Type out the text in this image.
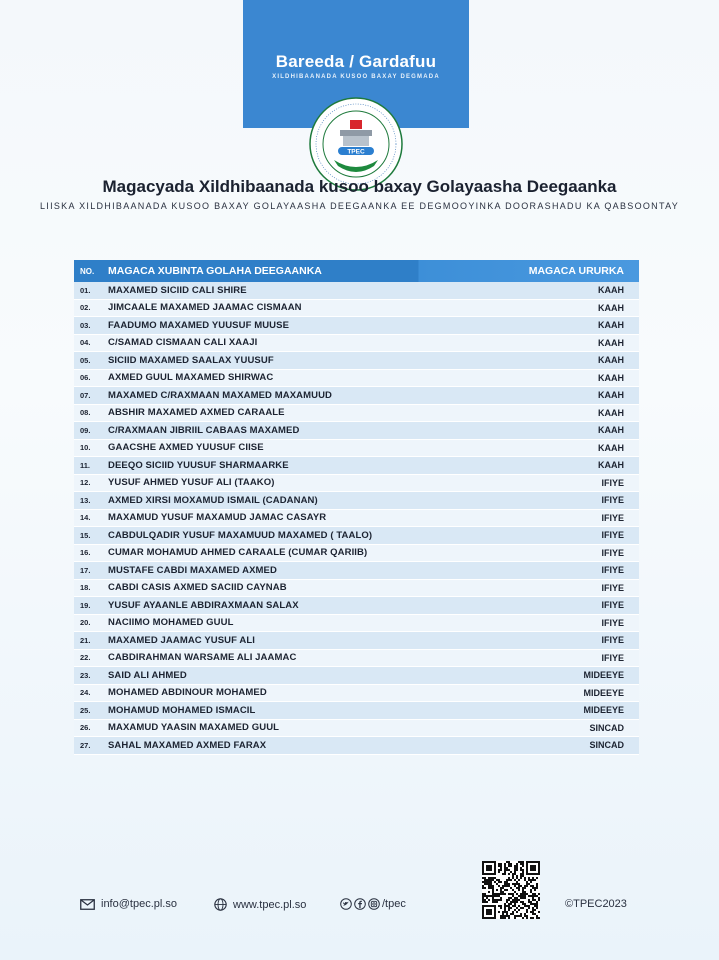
Bareeda / Gardafuu
XILDHIBAANADA KUSOO BAXAY DEGMADA
TPEC
Magacyada Xildhibaanada kusoo baxay Golayaasha Deegaanka
LIISKA XILDHIBAANADA KUSOO BAXAY GOLAYAASHA DEEGAANKA EE DEGMOOYINKA DOORASHADU KA QABSOONTAY
NO.	MAGACA XUBINTA GOLAHA DEEGAANKA	MAGACA URURKA
01.	MAXAMED SICIID CALI SHIRE	KAAH
02.	JIMCAALE MAXAMED JAAMAC CISMAAN	KAAH
03.	FAADUMO MAXAMED YUUSUF MUUSE	KAAH
04.	C/SAMAD CISMAAN CALI XAAJI	KAAH
05.	SICIID MAXAMED SAALAX YUUSUF	KAAH
06.	AXMED GUUL MAXAMED SHIRWAC	KAAH
07.	MAXAMED C/RAXMAAN MAXAMED MAXAMUUD	KAAH
08.	ABSHIR MAXAMED AXMED CARAALE	KAAH
09.	C/RAXMAAN JIBRIIL CABAAS MAXAMED	KAAH
10.	GAACSHE AXMED YUUSUF CIISE	KAAH
11.	DEEQO SICIID YUUSUF SHARMAARKE	KAAH
12.	YUSUF AHMED YUSUF ALI (TAAKO)	IFIYE
13.	AXMED XIRSI MOXAMUD ISMAIL (CADANAN)	IFIYE
14.	MAXAMUD YUSUF MAXAMUD JAMAC CASAYR	IFIYE
15.	CABDULQADIR YUSUF MAXAMUUD MAXAMED ( TAALO)	IFIYE
16.	CUMAR MOHAMUD AHMED CARAALE (CUMAR QARIIB)	IFIYE
17.	MUSTAFE CABDI MAXAMED AXMED	IFIYE
18.	CABDI CASIS AXMED SACIID CAYNAB	IFIYE
19.	YUSUF AYAANLE ABDIRAXMAAN SALAX	IFIYE
20.	NACIIMO MOHAMED GUUL	IFIYE
21.	MAXAMED JAAMAC YUSUF ALI	IFIYE
22.	CABDIRAHMAN WARSAME ALI JAAMAC	IFIYE
23.	SAID ALI AHMED	MIDEEYE
24.	MOHAMED ABDINOUR MOHAMED	MIDEEYE
25.	MOHAMUD MOHAMED ISMACIL	MIDEEYE
26.	MAXAMUD YAASIN MAXAMED GUUL	SINCAD
27.	SAHAL MAXAMED AXMED FARAX	SINCAD
info@tpec.pl.so	www.tpec.pl.so	/tpec	©TPEC2023
